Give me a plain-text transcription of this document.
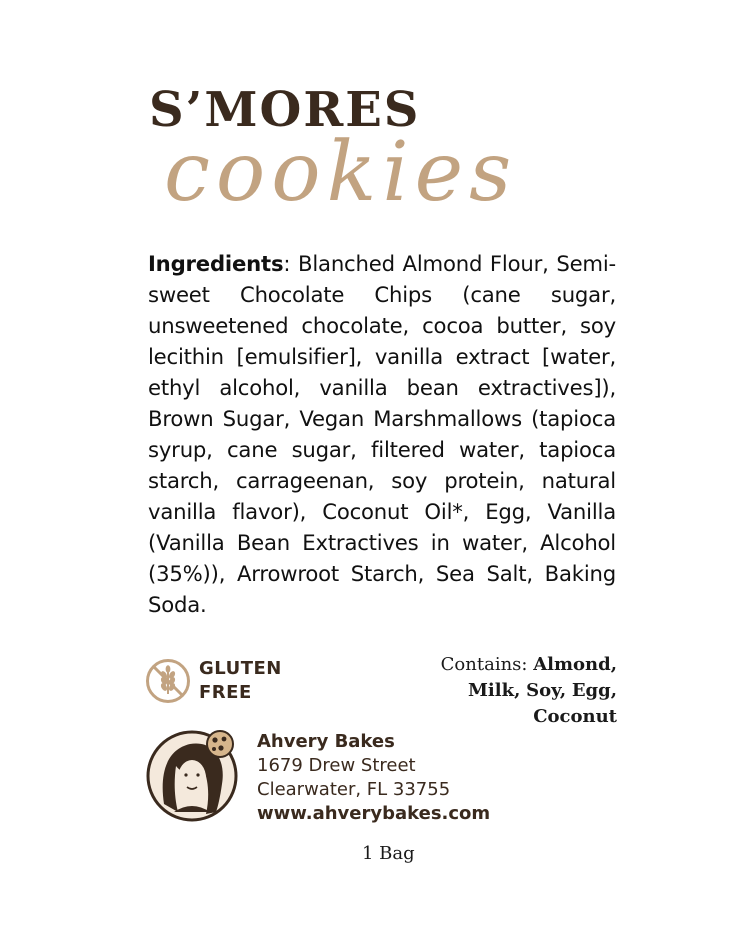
S’MORES
cookies
Ingredients: Blanched Almond Flour, Semi-sweet Chocolate Chips (cane sugar, unsweetened chocolate, cocoa butter, soy lecithin [emulsifier], vanilla extract [water, ethyl alcohol, vanilla bean extractives]), Brown Sugar, Vegan Marshmallows (tapioca syrup, cane sugar, filtered water, tapioca starch, carrageenan, soy protein, natural vanilla flavor), Coconut Oil*, Egg, Vanilla (Vanilla Bean Extractives in water, Alcohol (35%)), Arrowroot Starch, Sea Salt, Baking Soda.
GLUTEN
FREE
Contains: Almond,
Milk, Soy, Egg,
Coconut
Ahvery Bakes
1679 Drew Street
Clearwater, FL 33755
www.ahverybakes.com
1 Bag
